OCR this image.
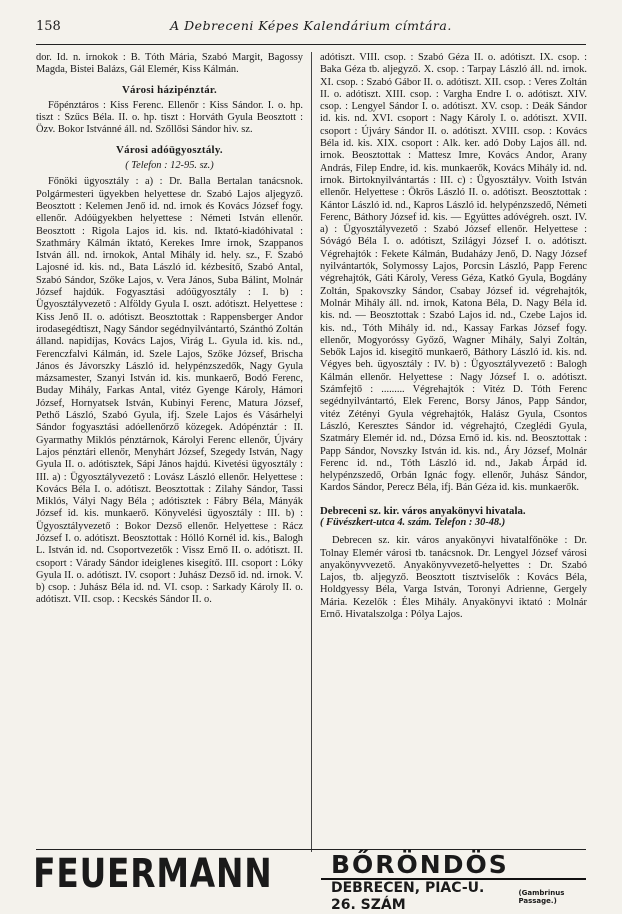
158	A Debreceni Képes Kalendárium címtára.

dor. Id. n. irnokok : B. Tóth Mária, Szabó Margit, Bagossy Magda, Bistei Balázs, Gál Elemér, Kiss Kálmán.

Városi házipénztár.

Főpénztáros : Kiss Ferenc. Ellenőr : Kiss Sándor. I. o. hp. tiszt : Szűcs Béla. II. o. hp. tiszt : Horváth Gyula Beosztott : Özv. Bokor Istvánné áll. nd. Szőllősi Sándor hiv. sz.

Városi adóügyosztály.
( Telefon : 12-95. sz.)

Főnöki ügyosztály : a) : Dr. Balla Bertalan tanácsnok. Polgármesteri ügyekben helyettese dr. Szabó Lajos aljegyző. Beosztott : Kelemen Jenő id. nd. irnok és Kovács József fogy. ellenőr. Adóügyekben helyettese : Németi István ellenőr. Beosztott : Rigola Lajos id. kis. nd. Iktató-kiadóhivatal : Szathmáry Kálmán iktató, Kerekes Imre irnok, Szappanos István áll. nd. irnokok, Antal Mihály id. hely. sz., F. Szabó Lajosné id. kis. nd., Bata László id. kézbesítő, Szabó Antal, Szabó Sándor, Szőke Lajos, v. Vera János, Suba Bálint, Molnár József hajdúk. Fogyasztási adóügyosztály : I. b) : Ügyosztályvezető : Alföldy Gyula I. oszt. adótiszt. Helyettese : Kiss Jenő II. o. adótiszt. Beosztottak : Rappensberger Andor irodasegédtiszt, Nagy Sándor segédnyilvántartó, Szánthó Zoltán álland. napidíjas, Kovács Lajos, Virág L. Gyula id. kis. nd., Ferenczfalvi Kálmán, id. Szele Lajos, Szőke József, Brischa János és Jávorszky László id. helypénzszedők, Nagy Gyula mázsamester, Szanyi István id. kis. munkaerő, Bodó Ferenc, Buday Mihály, Farkas Antal, vitéz Gyenge Károly, Hámori József, Hornyatsek István, Kubinyi Ferenc, Matura József, Pethő László, Szabó Gyula, ifj. Szele Lajos és Vásárhelyi Sándor fogyasztási adóellenőrző közegek. Adópénztár : II. Gyarmathy Miklós pénztárnok, Károlyi Ferenc ellenőr, Újváry Lajos pénztári ellenőr, Menyhárt József, Szegedy István, Nagy Gyula II. o. adótisztek, Sápi János hajdú. Kivetési ügyosztály : III. a) : Ügyosztályvezető : Lovász László ellenőr. Helyettese : Kovács Béla I. o. adótiszt. Beosztottak : Zilahy Sándor, Tassi Miklós, Vályi Nagy Béla ; adótisztek : Fábry Béla, Mányák József id. kis. munkaerő. Könyvelési ügyosztály : III. b) : Ügyosztályvezető : Bokor Dezső ellenőr. Helyettese : Rácz József I. o. adótiszt. Beosztottak : Hólló Kornél id. kis., Balogh L. István id. nd. Csoportvezetők : Vissz Ernő II. o. adótiszt. II. csoport : Várady Sándor ideiglenes kisegítő. III. csoport : Lóky Gyula II. o. adótiszt. IV. csoport : Juhász Dezső id. nd. irnok. V. b) csop. : Juhász Béla id. nd. VI. csop. : Sarkady Károly II. o. adótiszt. VII. csop. : Kecskés Sándor II. o.

adótiszt. VIII. csop. : Szabó Géza II. o. adótiszt. IX. csop. : Baka Géza tb. aljegyző. X. csop. : Tarpay László áll. nd. irnok. XI. csop. : Szabó Gábor II. o. adótiszt. XII. csop. : Veres Zoltán II. o. adótiszt. XIII. csop. : Vargha Endre I. o. adótiszt. XIV. csop. : Lengyel Sándor I. o. adótiszt. XV. csop. : Deák Sándor id. kis. nd. XVI. csoport : Nagy Károly I. o. adótiszt. XVII. csoport : Újváry Sándor II. o. adótiszt. XVIII. csop. : Kovács Béla id. kis. XIX. csoport : Alk. ker. adó Doby Lajos áll. nd. irnok. Beosztottak : Mattesz Imre, Kovács Andor, Arany András, Filep Endre, id. kis. munkaerők, Kovács Mihály id. nd. irnok. Birtoknyilvántartás : III. c) : Ügyosztályv. Voith István ellenőr. Helyettese : Ökrös László II. o. adótiszt. Beosztottak : Kántor László id. nd., Kapros László id. helypénzszedő, Németi Ferenc, Báthory József id. kis. — Együttes adóvégreh. oszt. IV. a) : Ügyosztályvezető : Szabó József ellenőr. Helyettese : Sóvágó Béla I. o. adótiszt, Szilágyi József I. o. adótiszt. Végrehajtók : Fekete Kálmán, Budaházy Jenő, D. Nagy József nyilvántartók, Solymossy Lajos, Porcsin László, Papp Ferenc végrehajtók, Gáti Károly, Veress Géza, Katkó Gyula, Bogdány Zoltán, Spakovszky Sándor, Csabay József id. végrehajtók, Molnár Mihály áll. nd. irnok, Katona Béla, D. Nagy Béla id. kis. nd. — Beosztottak : Szabó Lajos id. nd., Czebe Lajos id. kis. nd., Tóth Mihály id. nd., Kassay Farkas József fogy. ellenőr, Mogyoróssy Győző, Wagner Mihály, Salyi Zoltán, Sebők Lajos id. kisegítő munkaerő, Báthory László id. kis. nd. Végyes beh. ügyosztály : IV. b) : Ügyosztályvezető : Balogh Kálmán ellenőr. Helyettese : Nagy József I. o. adótiszt. Számfejtő : ......... Végrehajtók : Vitéz D. Tóth Ferenc segédnyilvántartó, Elek Ferenc, Borsy János, Papp Sándor, vitéz Zétényi Gyula végrehajtók, Halász Gyula, Csontos László, Keresztes Sándor id. végrehajtó, Czeglédi Gyula, Szatmáry Elemér id. nd., Dózsa Ernő id. kis. nd. Beosztottak : Papp Sándor, Novszky István id. kis. nd., Áry József, Molnár Ferenc id. nd., Tóth László id. nd., Jakab Árpád id. helypénzszedő, Orbán Ignác fogy. ellenőr, Juhász Sándor, Kardos Sándor, Perecz Béla, ifj. Bán Géza id. kis. munkaerők.

Debreceni sz. kir. város anyakönyvi hivatala.
( Füvészkert-utca 4. szám. Telefon : 30-48.)

Debrecen sz. kir. város anyakönyvi hivatalfőnöke : Dr. Tolnay Elemér városi tb. tanácsnok. Dr. Lengyel József városi anyakönyvvezető. Anyakönyvvezető-helyettes : Dr. Szabó Lajos, tb. aljegyző. Beosztott tisztviselők : Kovács Béla, Holdgyessy Béla, Varga István, Toronyi Adrienne, Gergely Mária. Kezelők : Éles Mihály. Anyakönyvi iktató : Molnár Ernő. Hivatalszolga : Pólya Lajos.

FEUERMANN	BŐRÖNDÖS
DEBRECEN, PIAC-U. 26. SZÁM
(Gambrinus Passage.)
